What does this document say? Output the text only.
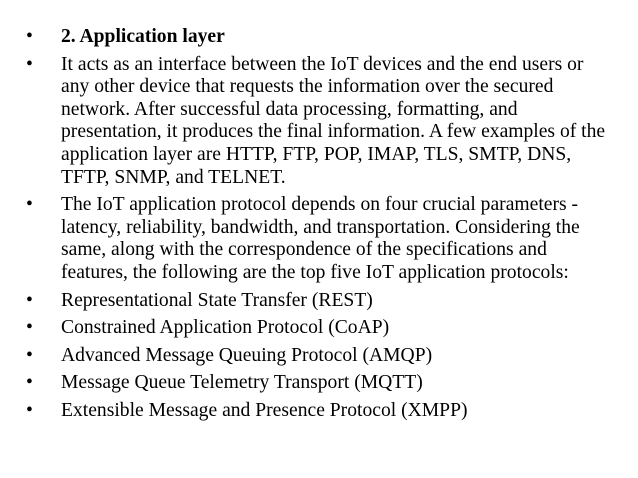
•	2. Application layer
•	It acts as an interface between the IoT devices and the end users or any other device that requests the information over the secured network. After successful data processing, formatting, and presentation, it produces the final information. A few examples of the application layer are HTTP, FTP, POP, IMAP, TLS, SMTP, DNS, TFTP, SNMP, and TELNET.
•	The IoT application protocol depends on four crucial parameters - latency, reliability, bandwidth, and transportation. Considering the same, along with the correspondence of the specifications and features, the following are the top five IoT application protocols:
•	Representational State Transfer (REST)
•	Constrained Application Protocol (CoAP)
•	Advanced Message Queuing Protocol (AMQP)
•	Message Queue Telemetry Transport (MQTT)
•	Extensible Message and Presence Protocol (XMPP)
